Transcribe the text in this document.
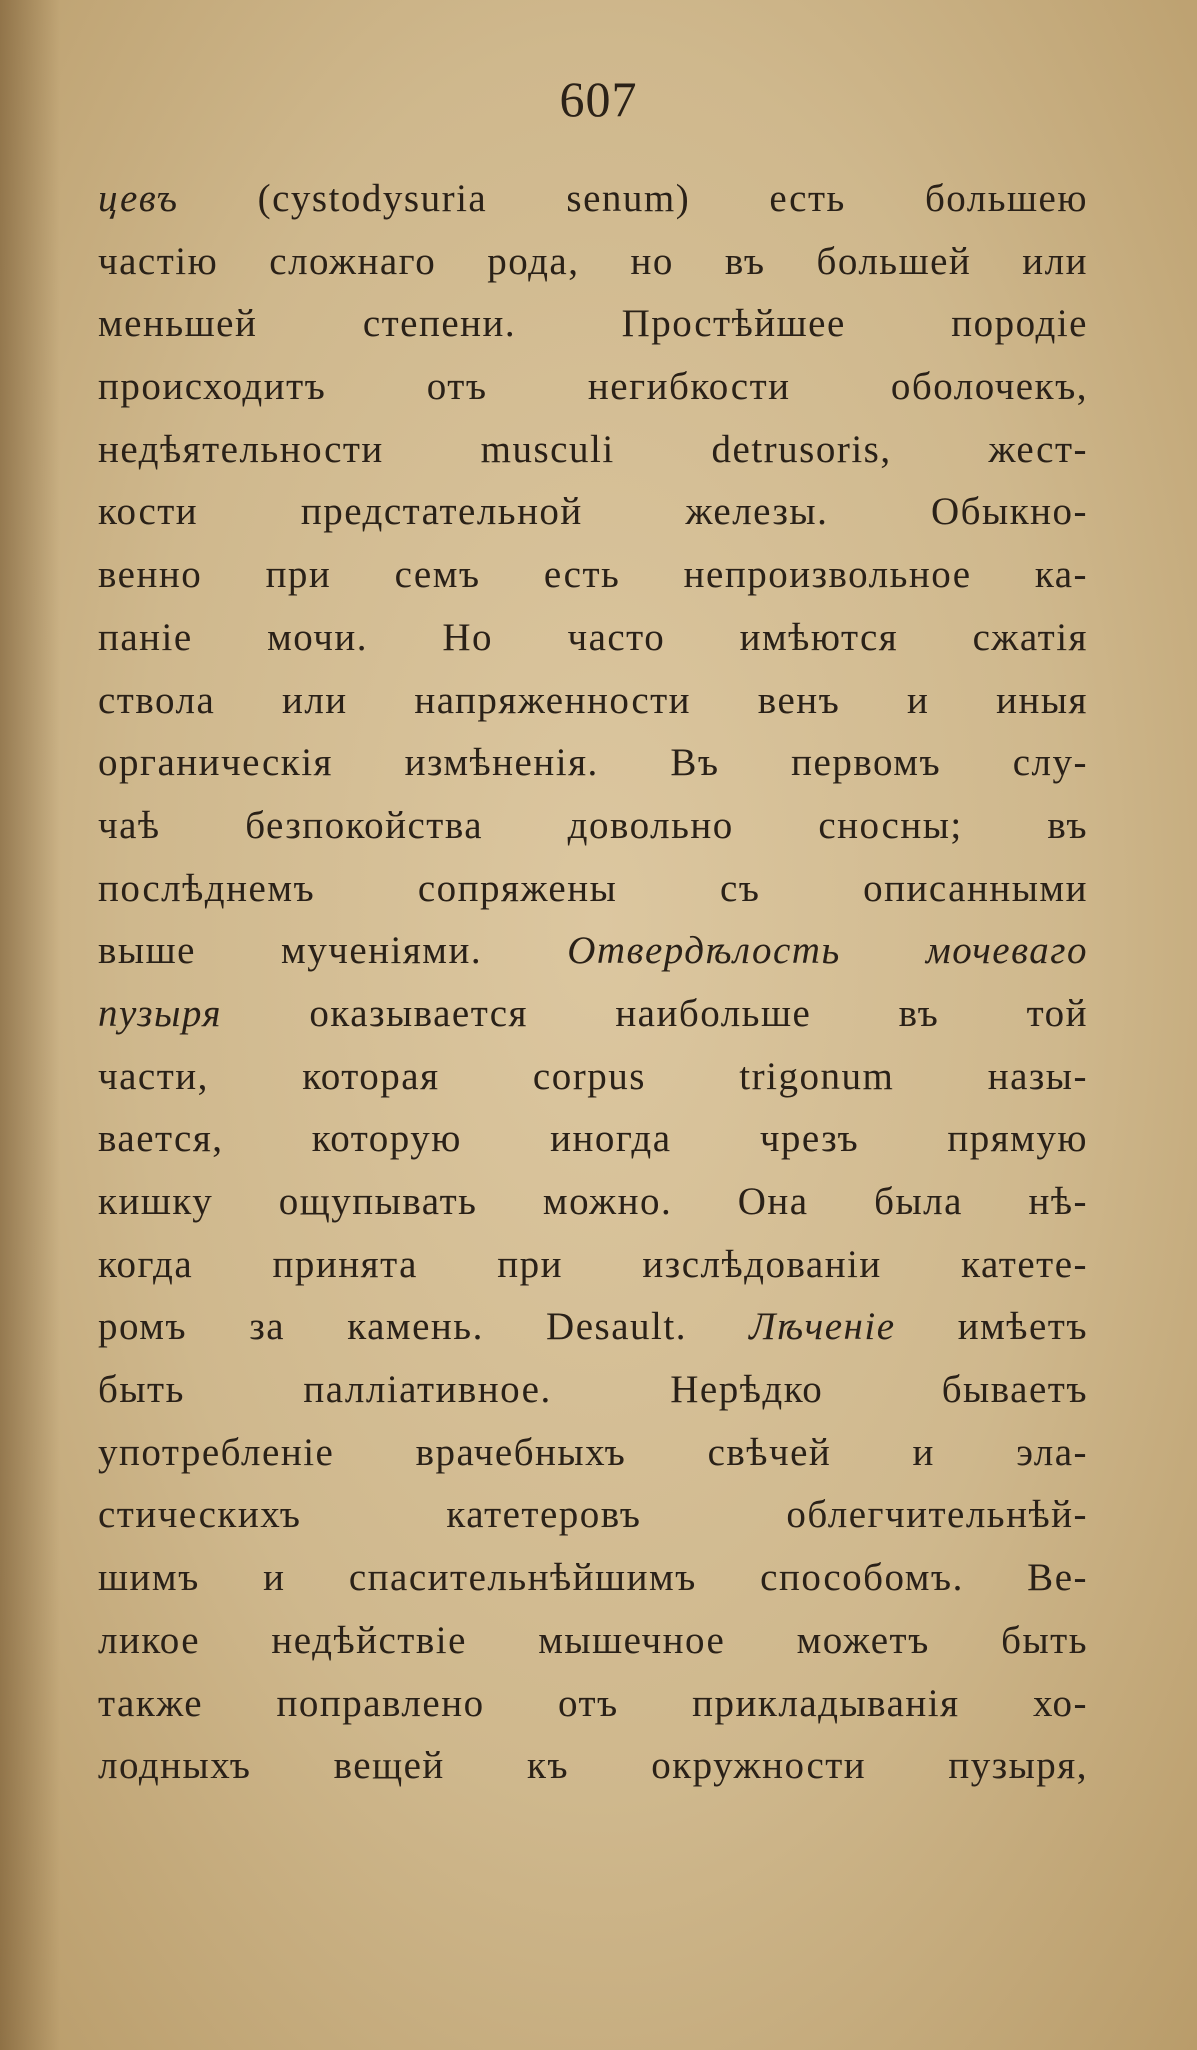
607
цевъ (cystodysuria senum) есть большею
частію сложнаго рода, но въ большей или
меньшей степени. Простѣйшее породіе
происходитъ отъ негибкости оболочекъ,
недѣятельности musculi detrusoris, жест-
кости предстательной железы. Обыкно-
венно при семъ есть непроизвольное ка-
паніе мочи. Но часто имѣются сжатія
ствола или напряженности венъ и иныя
органическія измѣненія. Въ первомъ слу-
чаѣ безпокойства довольно сносны; въ
послѣднемъ сопряжены съ описанными
выше мученіями. Отвердѣлость мочеваго
пузыря оказывается наибольше въ той
части, которая corpus trigonum назы-
вается, которую иногда чрезъ прямую
кишку ощупывать можно. Она была нѣ-
когда принята при изслѣдованіи катете-
ромъ за камень. Desault. Лѣченіе имѣетъ
быть паллiативное. Нерѣдко бываетъ
употребленіе врачебныхъ свѣчей и эла-
стическихъ катетеровъ облегчительнѣй-
шимъ и спасительнѣйшимъ способомъ. Ве-
ликое недѣйствіе мышечное можетъ быть
также поправлено отъ прикладыванія хо-
лодныхъ вещей къ окружности пузыря,
